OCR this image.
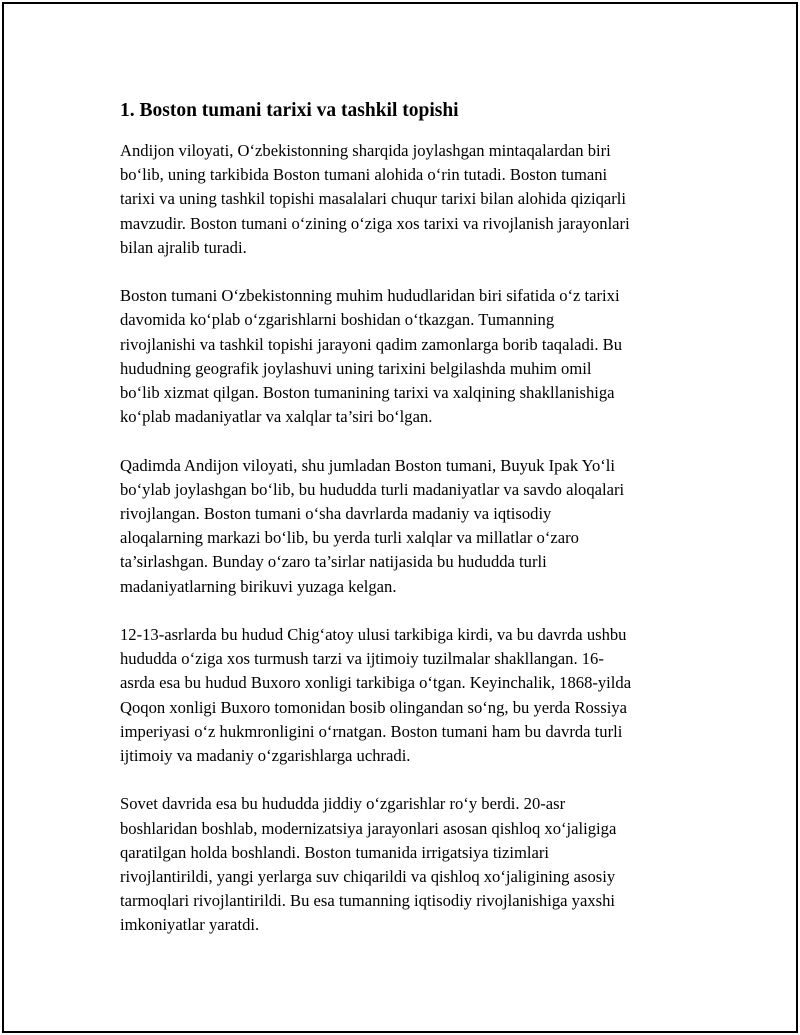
1. Boston tumani tarixi va tashkil topishi

Andijon viloyati, O‘zbekistonning sharqida joylashgan mintaqalardan biri
bo‘lib, uning tarkibida Boston tumani alohida o‘rin tutadi. Boston tumani
tarixi va uning tashkil topishi masalalari chuqur tarixi bilan alohida qiziqarli
mavzudir. Boston tumani o‘zining o‘ziga xos tarixi va rivojlanish jarayonlari
bilan ajralib turadi.

Boston tumani O‘zbekistonning muhim hududlaridan biri sifatida o‘z tarixi
davomida ko‘plab o‘zgarishlarni boshidan o‘tkazgan. Tumanning
rivojlanishi va tashkil topishi jarayoni qadim zamonlarga borib taqaladi. Bu
hududning geografik joylashuvi uning tarixini belgilashda muhim omil
bo‘lib xizmat qilgan. Boston tumanining tarixi va xalqining shakllanishiga
ko‘plab madaniyatlar va xalqlar ta’siri bo‘lgan.

Qadimda Andijon viloyati, shu jumladan Boston tumani, Buyuk Ipak Yo‘li
bo‘ylab joylashgan bo‘lib, bu hududda turli madaniyatlar va savdo aloqalari
rivojlangan. Boston tumani o‘sha davrlarda madaniy va iqtisodiy
aloqalarning markazi bo‘lib, bu yerda turli xalqlar va millatlar o‘zaro
ta’sirlashgan. Bunday o‘zaro ta’sirlar natijasida bu hududda turli
madaniyatlarning birikuvi yuzaga kelgan.

12-13-asrlarda bu hudud Chig‘atoy ulusi tarkibiga kirdi, va bu davrda ushbu
hududda o‘ziga xos turmush tarzi va ijtimoiy tuzilmalar shakllangan. 16-
asrda esa bu hudud Buxoro xonligi tarkibiga o‘tgan. Keyinchalik, 1868-yilda
Qoqon xonligi Buxoro tomonidan bosib olingandan so‘ng, bu yerda Rossiya
imperiyasi o‘z hukmronligini o‘rnatgan. Boston tumani ham bu davrda turli
ijtimoiy va madaniy o‘zgarishlarga uchradi.

Sovet davrida esa bu hududda jiddiy o‘zgarishlar ro‘y berdi. 20-asr
boshlaridan boshlab, modernizatsiya jarayonlari asosan qishloq xo‘jaligiga
qaratilgan holda boshlandi. Boston tumanida irrigatsiya tizimlari
rivojlantirildi, yangi yerlarga suv chiqarildi va qishloq xo‘jaligining asosiy
tarmoqlari rivojlantirildi. Bu esa tumanning iqtisodiy rivojlanishiga yaxshi
imkoniyatlar yaratdi.
